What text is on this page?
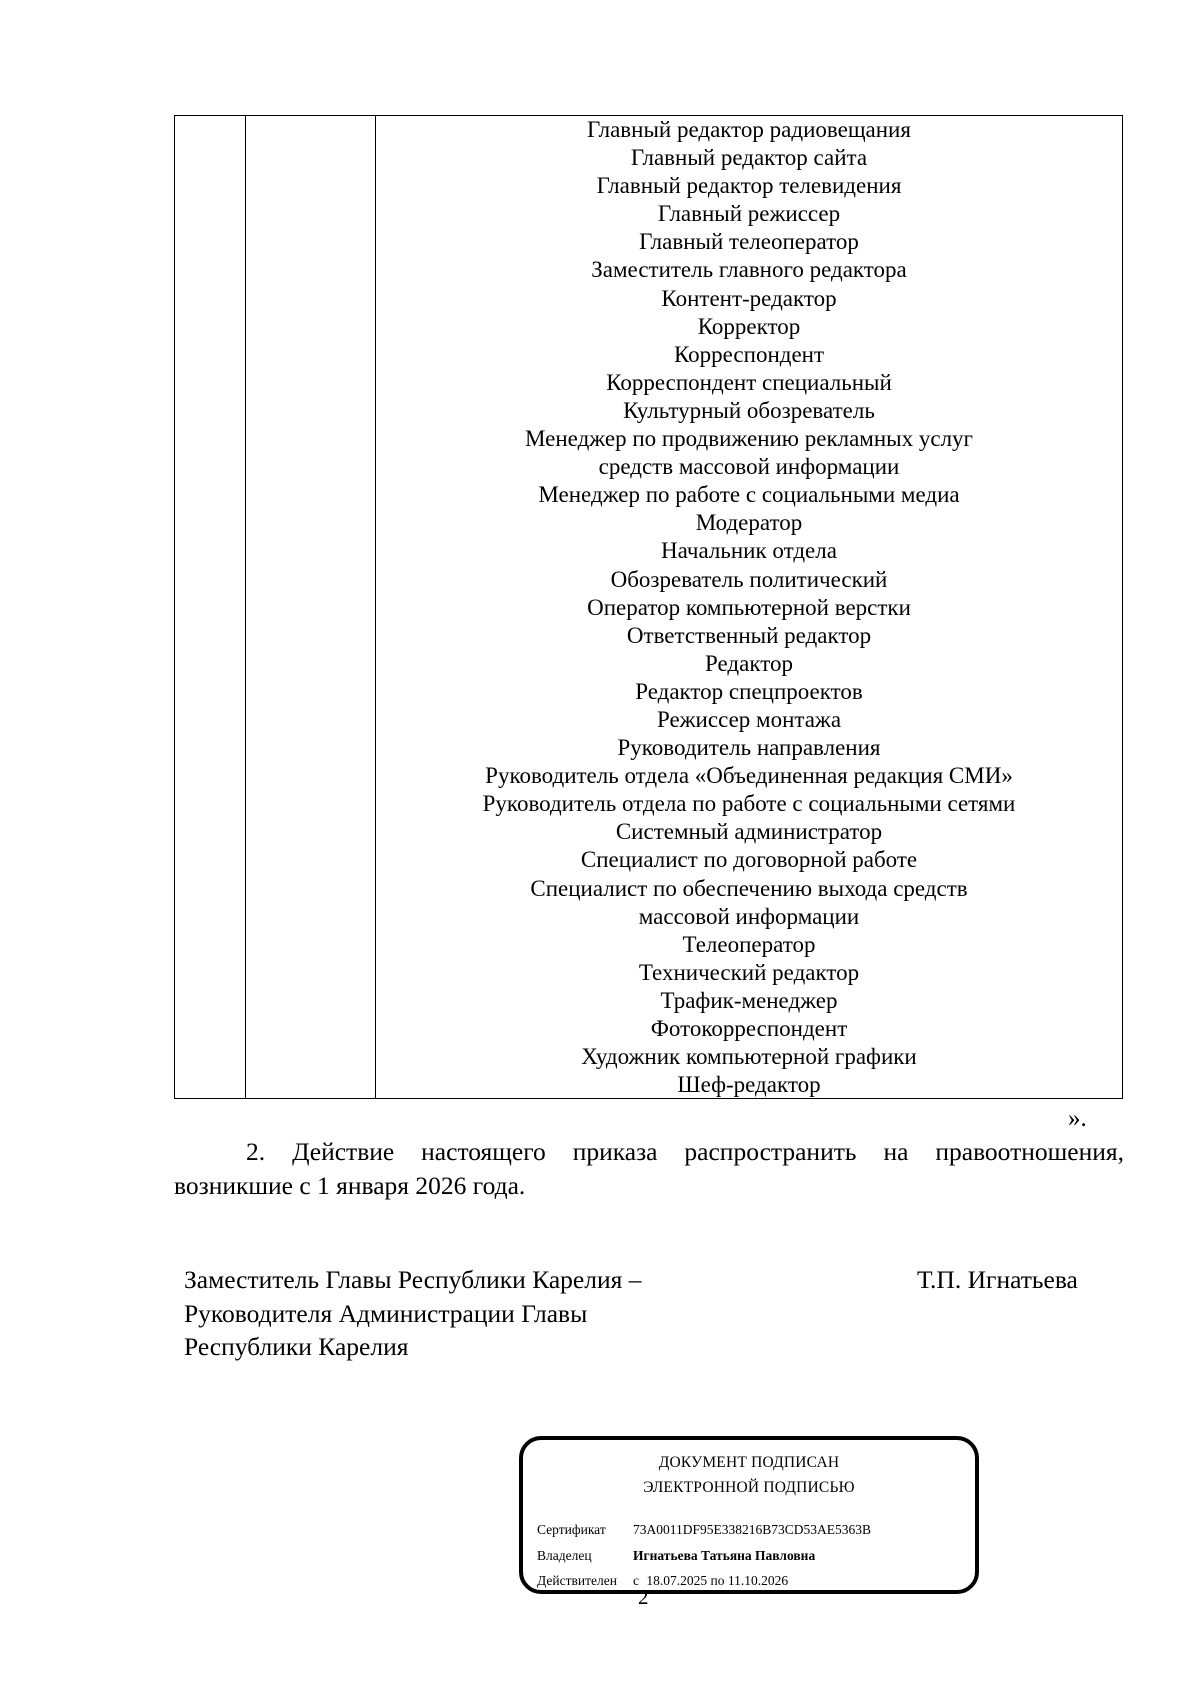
Главный редактор радиовещания
Главный редактор сайта
Главный редактор телевидения
Главный режиссер
Главный телеоператор
Заместитель главного редактора
Контент-редактор
Корректор
Корреспондент
Корреспондент специальный
Культурный обозреватель
Менеджер по продвижению рекламных услуг
средств массовой информации
Менеджер по работе с социальными медиа
Модератор
Начальник отдела
Обозреватель политический
Оператор компьютерной верстки
Ответственный редактор
Редактор
Редактор спецпроектов
Режиссер монтажа
Руководитель направления
Руководитель отдела «Объединенная редакция СМИ»
Руководитель отдела по работе с социальными сетями
Системный администратор
Специалист по договорной работе
Специалист по обеспечению выхода средств
массовой информации
Телеоператор
Технический редактор
Трафик-менеджер
Фотокорреспондент
Художник компьютерной графики
Шеф-редактор
».
2. Действие настоящего приказа распространить на правоотношения,
возникшие с 1 января 2026 года.
Заместитель Главы Республики Карелия –
Руководителя Администрации Главы
Республики Карелия
Т.П. Игнатьева
ДОКУМЕНТ ПОДПИСАН
ЭЛЕКТРОННОЙ ПОДПИСЬЮ
Сертификат 73A0011DF95E338216B73CD53AE5363B
Владелец	Игнатьева Татьяна Павловна
Действителен с 18.07.2025 по 11.10.2026
2
